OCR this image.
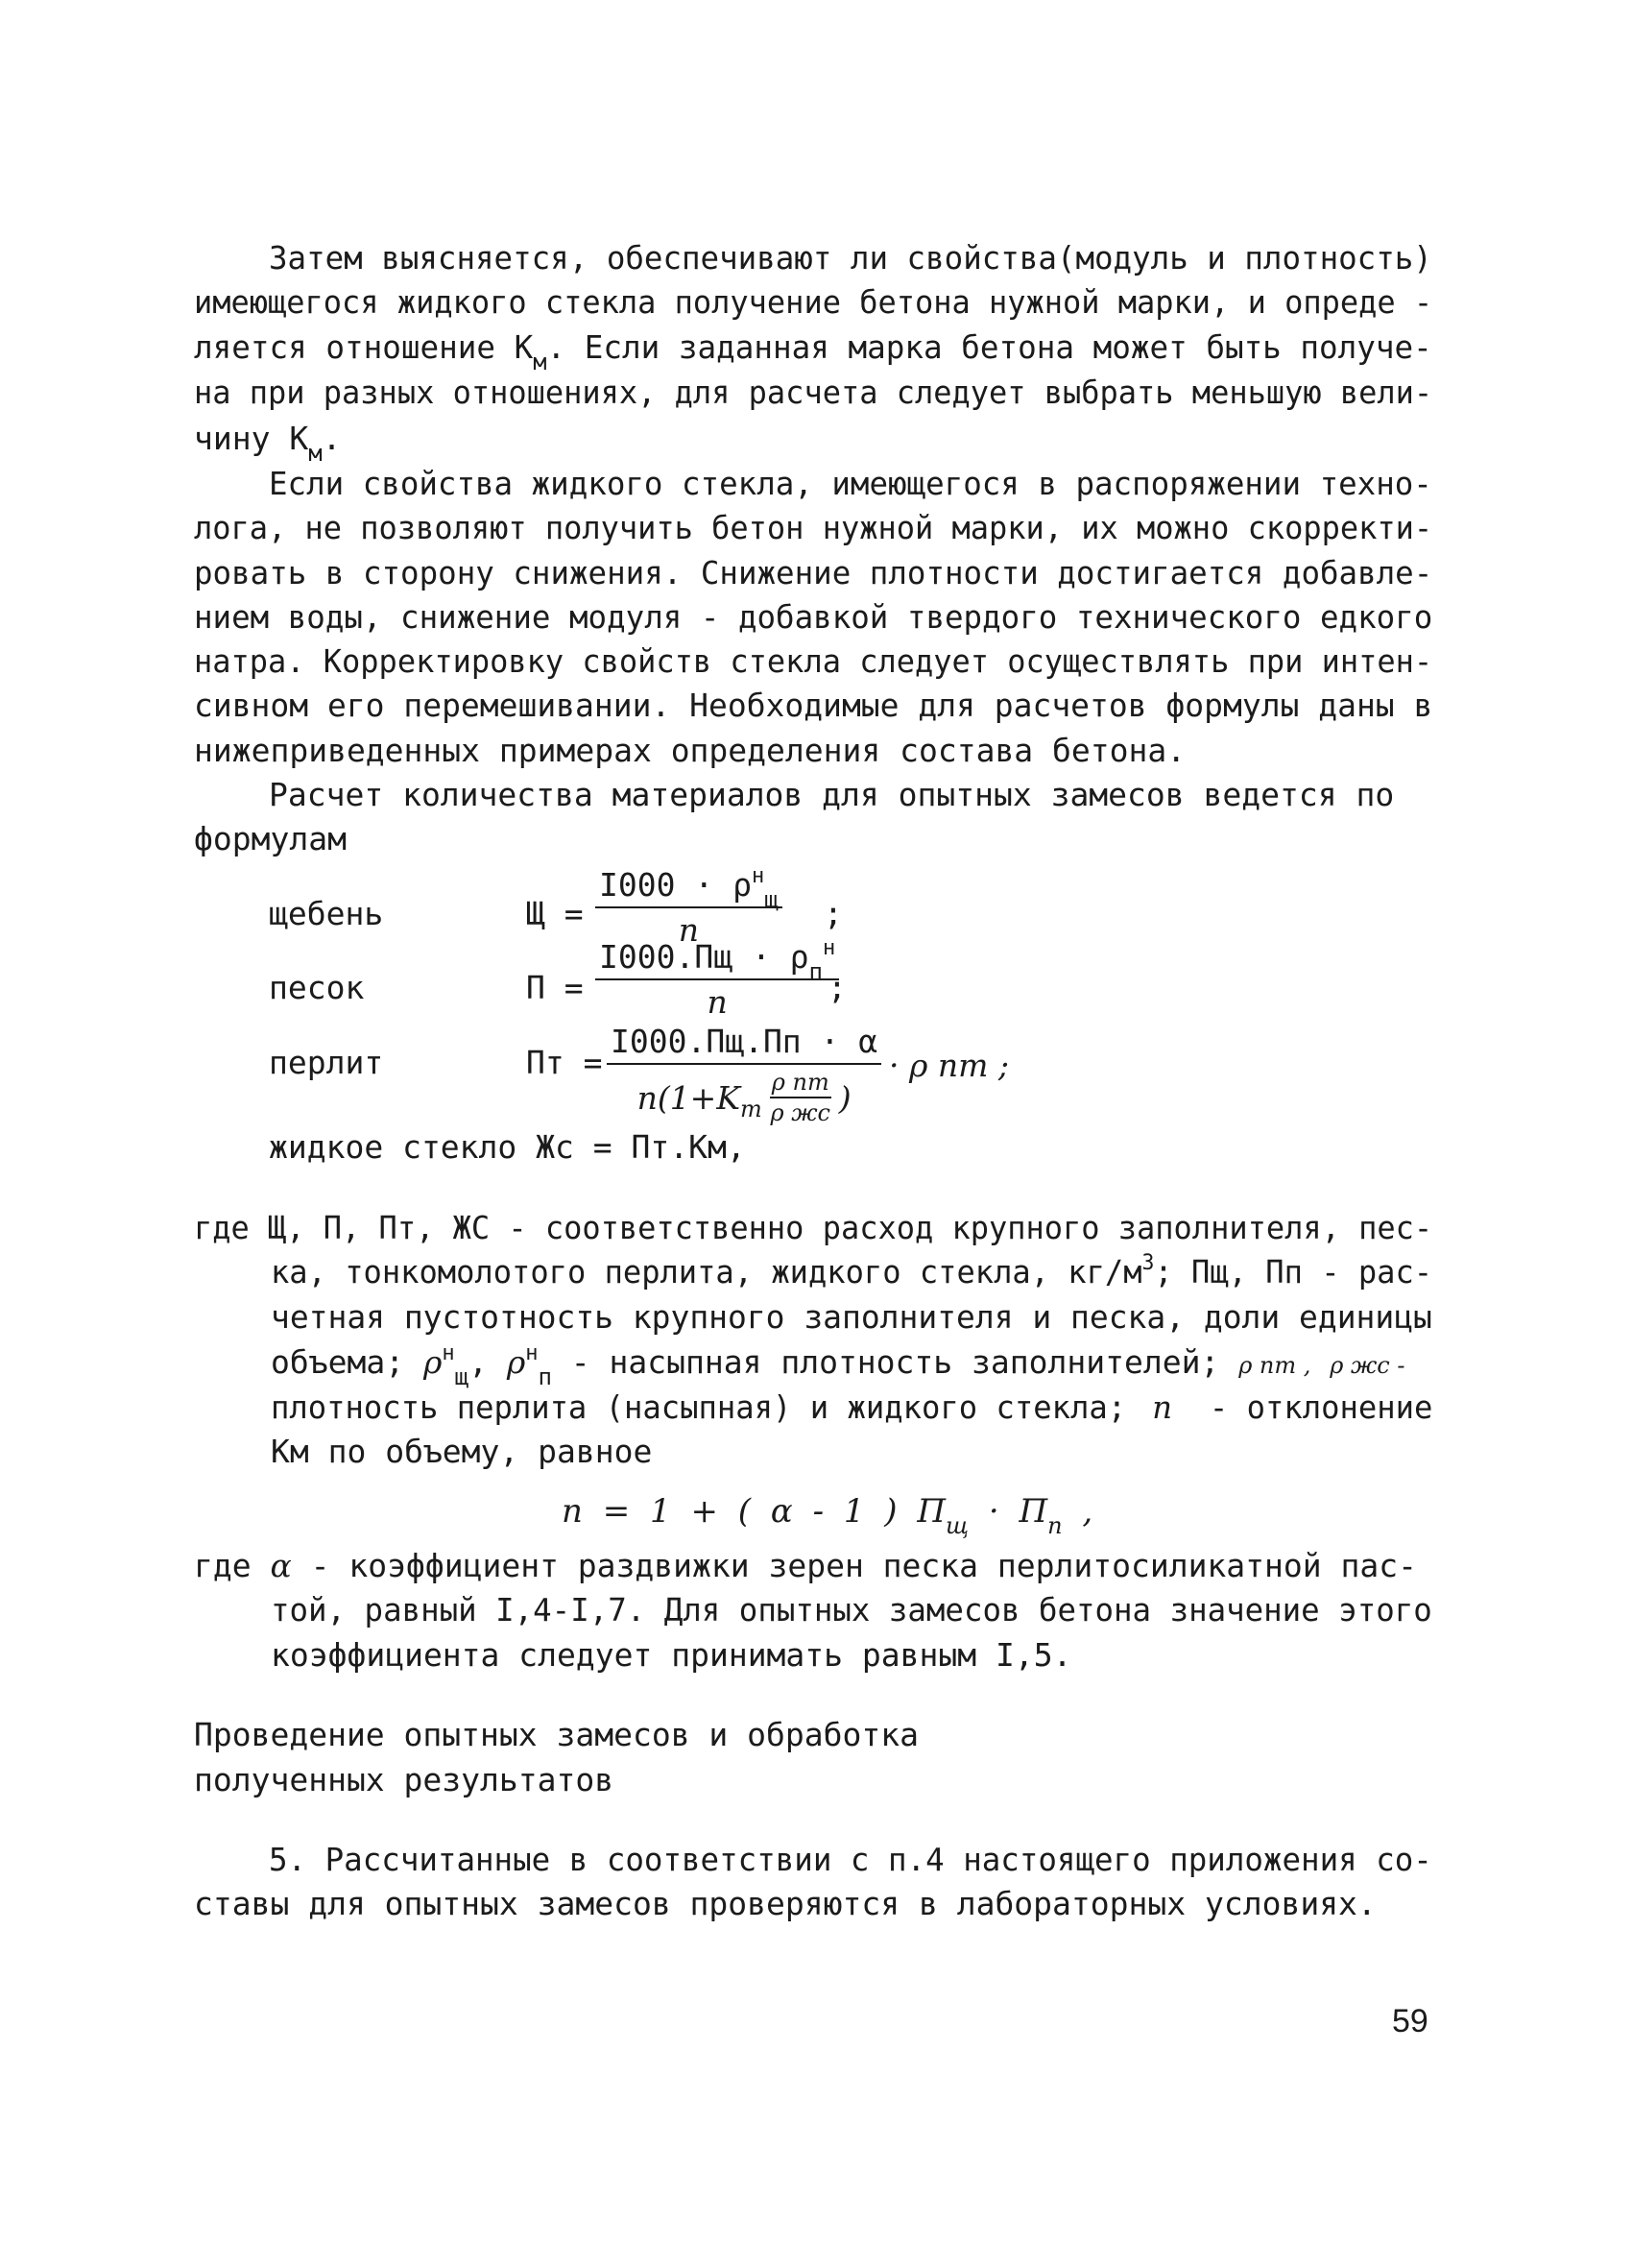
Затем выясняется, обеспечивают ли свойства(модуль и плотность)
имеющегося жидкого стекла получение бетона нужной марки, и опреде -
ляется отношение $К_м$. Если заданная марка бетона может быть получе-
на при разных отношениях, для расчета следует выбрать меньшую вели-
чину $К_м$.
Если свойства жидкого стекла, имеющегося в распоряжении техно-
лога, не позволяют получить бетон нужной марки, их можно скорректи-
ровать в сторону снижения. Снижение плотности достигается добавле-
нием воды, снижение модуля - добавкой твердого технического едкого
натра. Корректировку свойств стекла следует осуществлять при интен-
сивном его перемешивании. Необходимые для расчетов формулы даны в
нижеприведенных примерах определения состава бетона.
Расчет количества материалов для опытных замесов ведется по
формулам
щебень	Щ =
$I000 \cdot \rho^н_щ$
n	;
песок	П =
$I000.Пщ \cdot \rho_п^н$
n	;
перлит	Пт =
I000.Пщ.Пп · α
n(1+K m
ρ пт
ρ жс )
· ρ пт ;
жидкое стекло Жс = Пт.Км,
где Щ, П, Пт, ЖС - соответственно расход крупного заполнителя, пес-
ка, тонкомолотого перлита, жидкого стекла, $кг/м^3$; Пщ, Пп - рас-
четная пустотность крупного заполнителя и песка, доли единицы
объема; $\rho^н_щ$, $\rho^н_п$ - насыпная плотность заполнителей; ρ пт , ρ жс -
плотность перлита (насыпная) и жидкого стекла; n - отклонение
Км по объему, равное
n = 1 + ( α - 1 ) $П_щ \cdot П_п$ ,
где α - коэффициент раздвижки зерен песка перлитосиликатной пас-
той, равный I,4-I,7. Для опытных замесов бетона значение этого
коэффициента следует принимать равным I,5.
Проведение опытных замесов и обработка
полученных результатов
5. Рассчитанные в соответствии с п.4 настоящего приложения со-
ставы для опытных замесов проверяются в лабораторных условиях.
59
